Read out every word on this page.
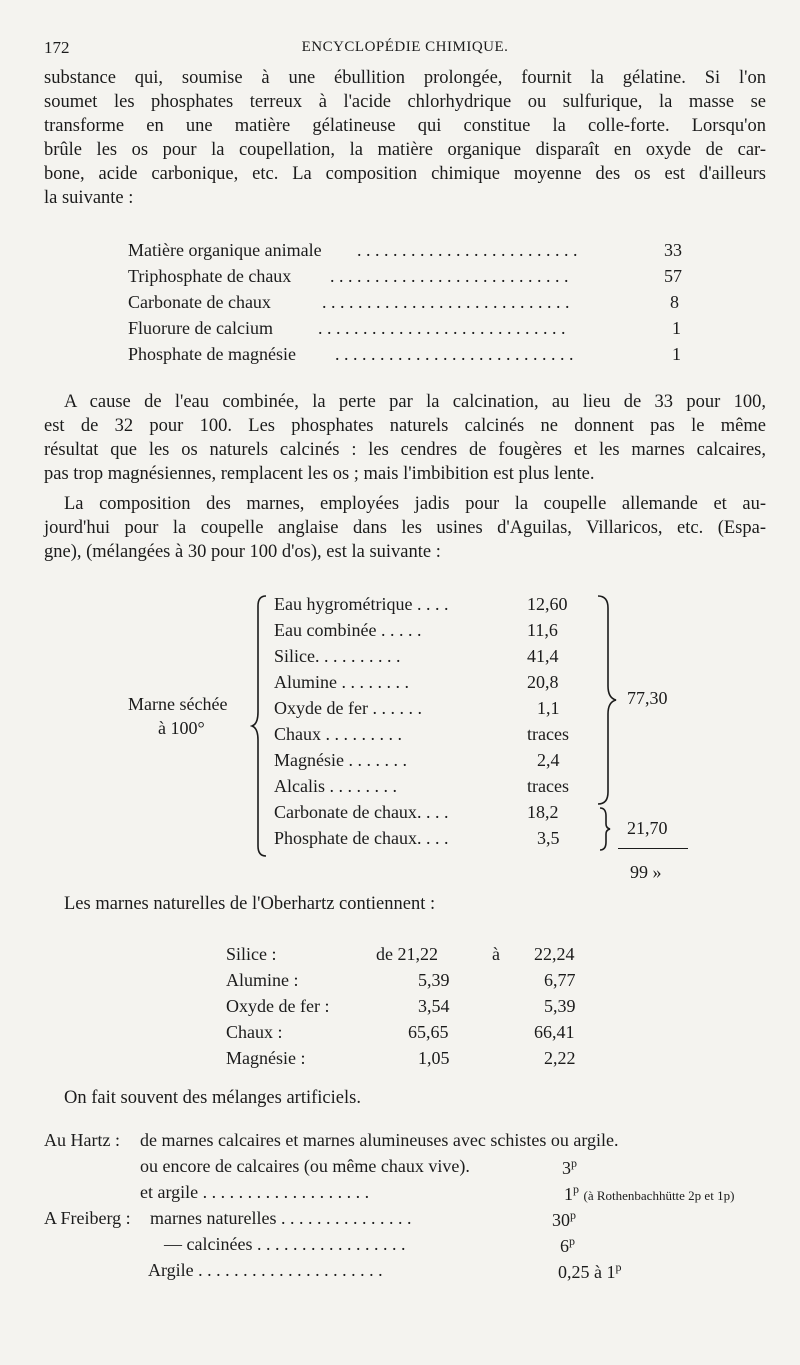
172	ENCYCLOPÉDIE CHIMIQUE.
substance qui, soumise à une ébullition prolongée, fournit la gélatine. Si l'on
soumet les phosphates terreux à l'acide chlorhydrique ou sulfurique, la masse se
transforme en une matière gélatineuse qui constitue la colle-forte. Lorsqu'on
brûle les os pour la coupellation, la matière organique disparaît en oxyde de car-
bone, acide carbonique, etc. La composition chimique moyenne des os est d'ailleurs
la suivante :
Matière organique animale . . . . . . . . . . . . . . . . . . . . . . . . .	33
Triphosphate de chaux . . . . . . . . . . . . . . . . . . . . . . . . . . .	57
Carbonate de chaux	. . . . . . . . . . . . . . . . . . . . . . . . . . . .	8
Fluorure de calcium	. . . . . . . . . . . . . . . . . . . . . . . . . . . .	1
Phosphate de magnésie . . . . . . . . . . . . . . . . . . . . . . . . . . .	1
A cause de l'eau combinée, la perte par la calcination, au lieu de 33 pour 100,
est de 32 pour 100. Les phosphates naturels calcinés ne donnent pas le même
résultat que les os naturels calcinés : les cendres de fougères et les marnes calcaires,
pas trop magnésiennes, remplacent les os ; mais l'imbibition est plus lente.
La composition des marnes, employées jadis pour la coupelle allemande et au-
jourd'hui pour la coupelle anglaise dans les usines d'Aguilas, Villaricos, etc. (Espa-
gne), (mélangées à 30 pour 100 d'os), est la suivante :
Marne séchée
à 100°
Eau hygrométrique . . . .	12,60
Eau combinée . . . . .	11,6
Silice. . . . . . . . . .	41,4
Alumine . . . . . . . .	20,8
Oxyde de fer . . . . . .	1,1
Chaux . . . . . . . . .	traces
Magnésie . . . . . . .	2,4
Alcalis . . . . . . . .	traces
Carbonate de chaux. . . .	18,2
Phosphate de chaux. . . .	3,5
77,30
21,70
99 »
Les marnes naturelles de l'Oberhartz contiennent :
Silice :	de 21,22	à 22,24
Alumine :	5,39	6,77
Oxyde de fer :	3,54	5,39
Chaux :	65,65	66,41
Magnésie :	1,05	2,22
On fait souvent des mélanges artificiels.
Au Hartz : de marnes calcaires et marnes alumineuses avec schistes ou argile.
ou encore de calcaires (ou même chaux vive).	3$^p$
et argile . . . . . . . . . . . . . . . . . . .	1$^p$ (à Rothenbachhütte 2p et 1p)
A Freiberg : marnes naturelles . . . . . . . . . . . . . . .	30$^p$
— calcinées . . . . . . . . . . . . . . . . .	6$^p$
Argile . . . . . . . . . . . . . . . . . . . . .	0,25 à 1$^p$
